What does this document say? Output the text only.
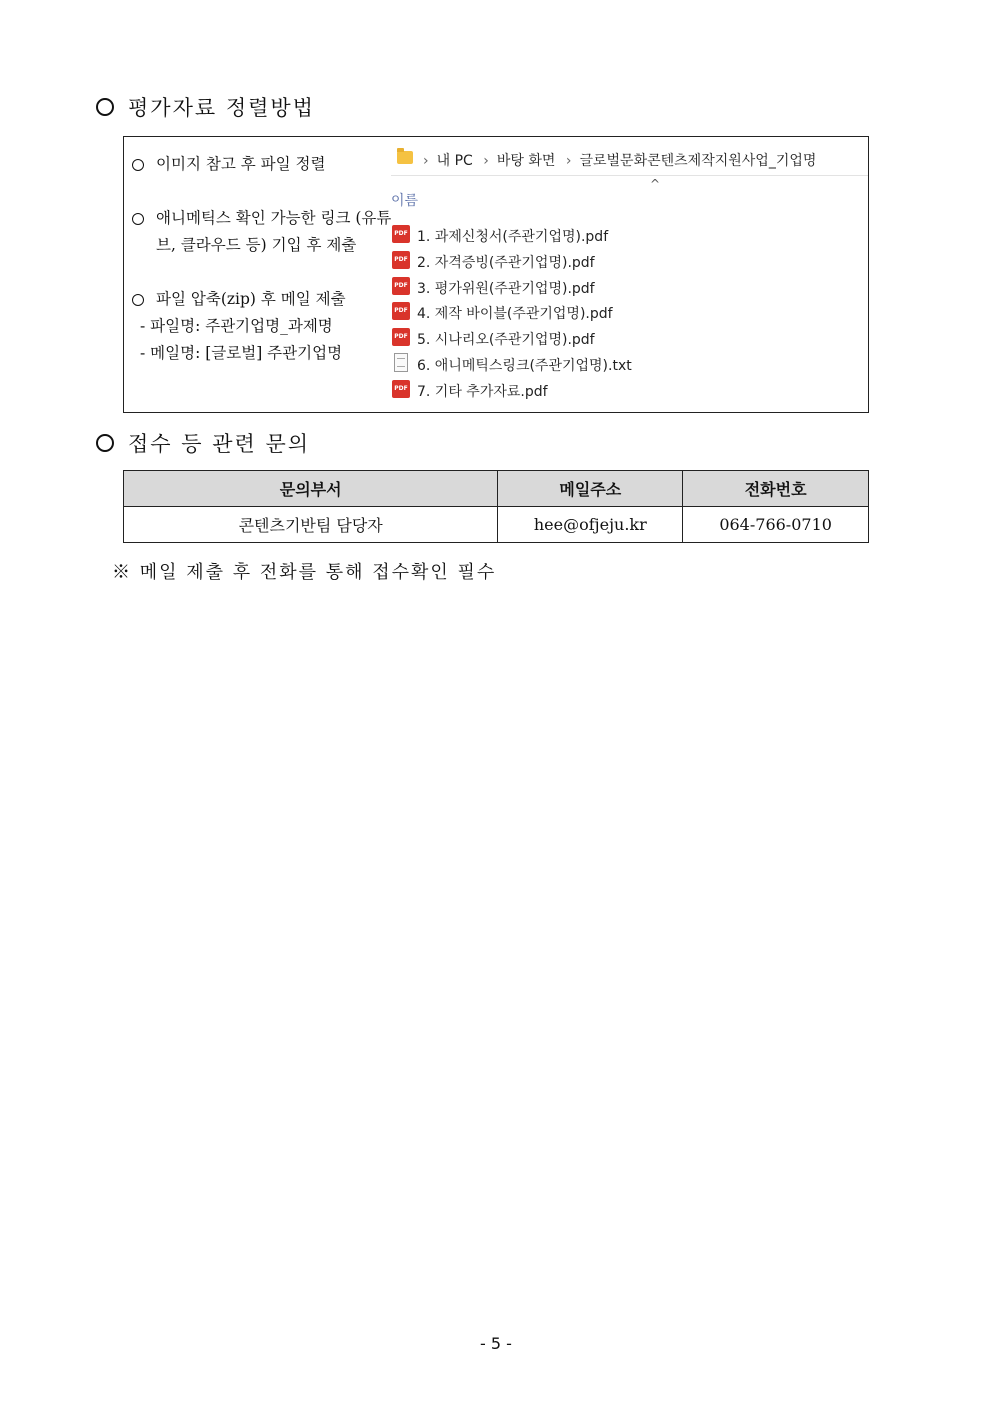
평가자료 정렬방법
이미지 참고 후 파일 정렬
애니메틱스 확인 가능한 링크 (유튜브, 클라우드 등) 기입 후 제출
파일 압축(zip) 후 메일 제출
- 파일명: 주관기업명_과제명
- 메일명: [글로벌] 주관기업명
› 내 PC › 바탕 화면 › 글로벌문화콘텐츠제작지원사업_기업명
^
이름
PDF 1. 과제신청서(주관기업명).pdf
PDF 2. 자격증빙(주관기업명).pdf
PDF 3. 평가위원(주관기업명).pdf
PDF 4. 제작 바이블(주관기업명).pdf
PDF 5. 시나리오(주관기업명).pdf
6. 애니메틱스링크(주관기업명).txt
PDF 7. 기타 추가자료.pdf
접수 등 관련 문의
문의부서	메일주소	전화번호
콘텐츠기반팀 담당자	hee@ofjeju.kr	064-766-0710
※ 메일 제출 후 전화를 통해 접수확인 필수
- 5 -
